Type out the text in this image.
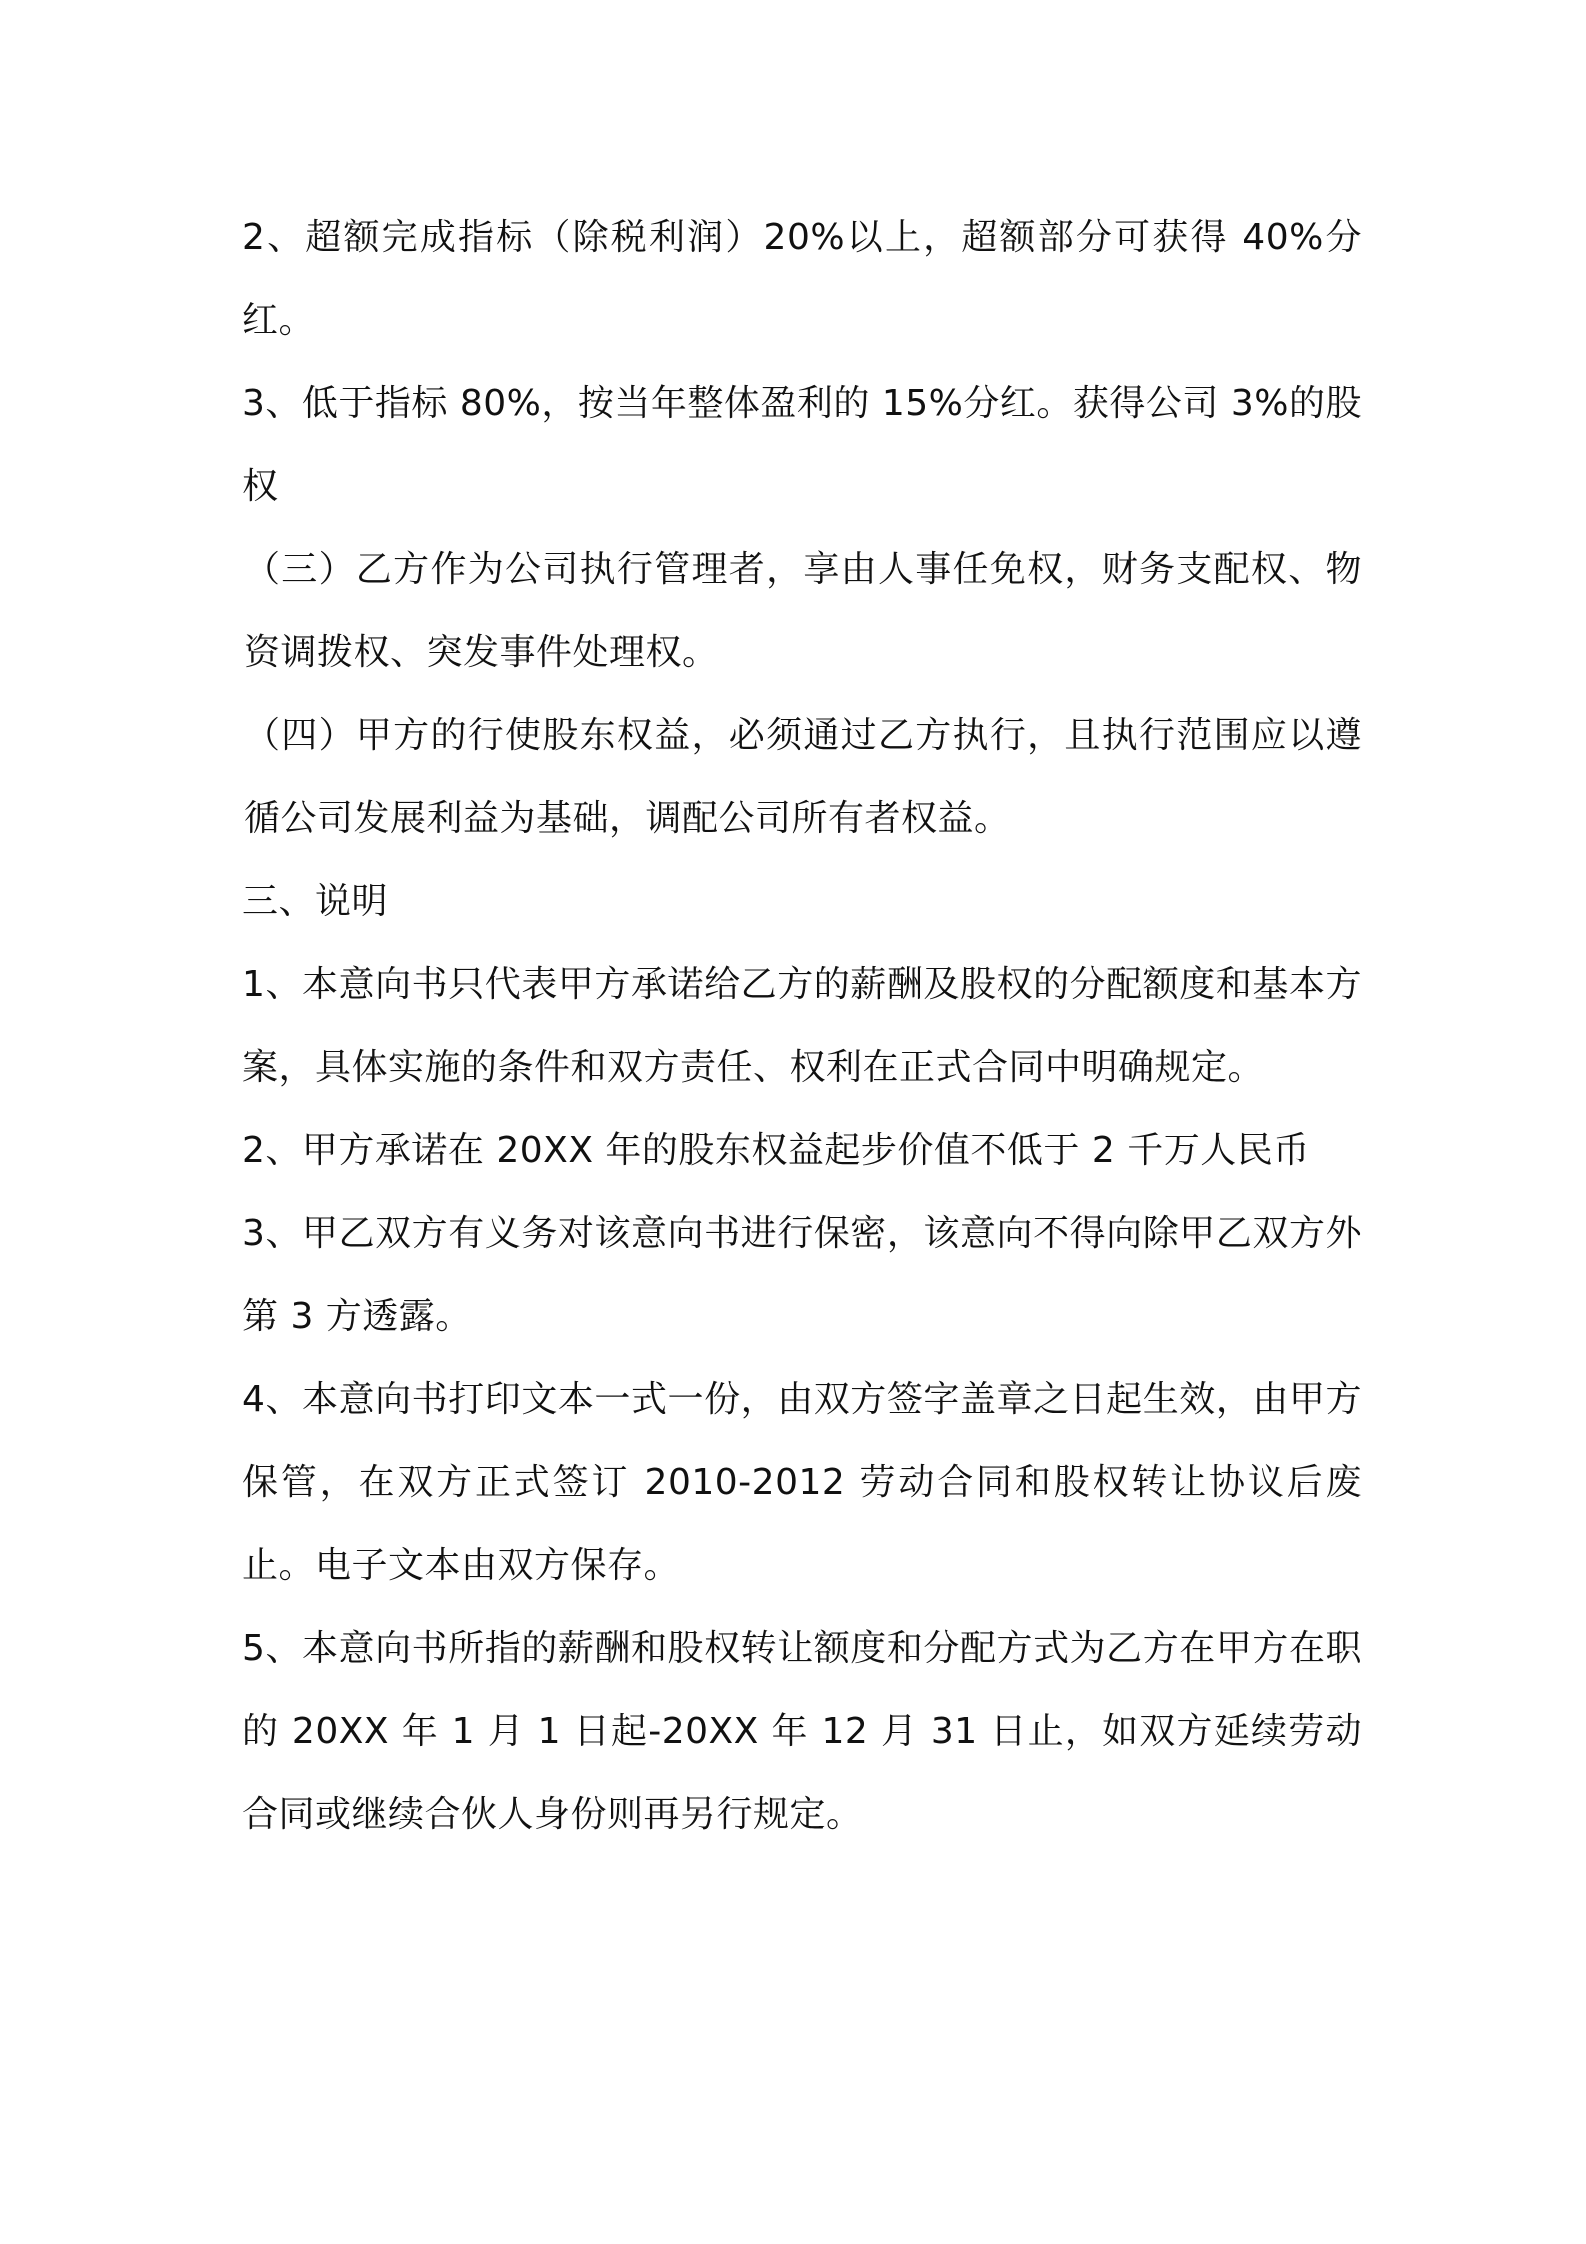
2、超额完成指标（除税利润）20%以上，超额部分可获得 40%分红。

3、低于指标 80%，按当年整体盈利的 15%分红。获得公司 3%的股权

（三）乙方作为公司执行管理者，享由人事任免权，财务支配权、物资调拨权、突发事件处理权。

（四）甲方的行使股东权益，必须通过乙方执行，且执行范围应以遵循公司发展利益为基础，调配公司所有者权益。

三、说明

1、本意向书只代表甲方承诺给乙方的薪酬及股权的分配额度和基本方案，具体实施的条件和双方责任、权利在正式合同中明确规定。

2、甲方承诺在 20XX 年的股东权益起步价值不低于 2 千万人民币

3、甲乙双方有义务对该意向书进行保密，该意向不得向除甲乙双方外第 3 方透露。

4、本意向书打印文本一式一份，由双方签字盖章之日起生效，由甲方保管，在双方正式签订 2010-2012 劳动合同和股权转让协议后废止。电子文本由双方保存。

5、本意向书所指的薪酬和股权转让额度和分配方式为乙方在甲方在职的 20XX 年 1 月 1 日起-20XX 年 12 月 31 日止，如双方延续劳动合同或继续合伙人身份则再另行规定。
